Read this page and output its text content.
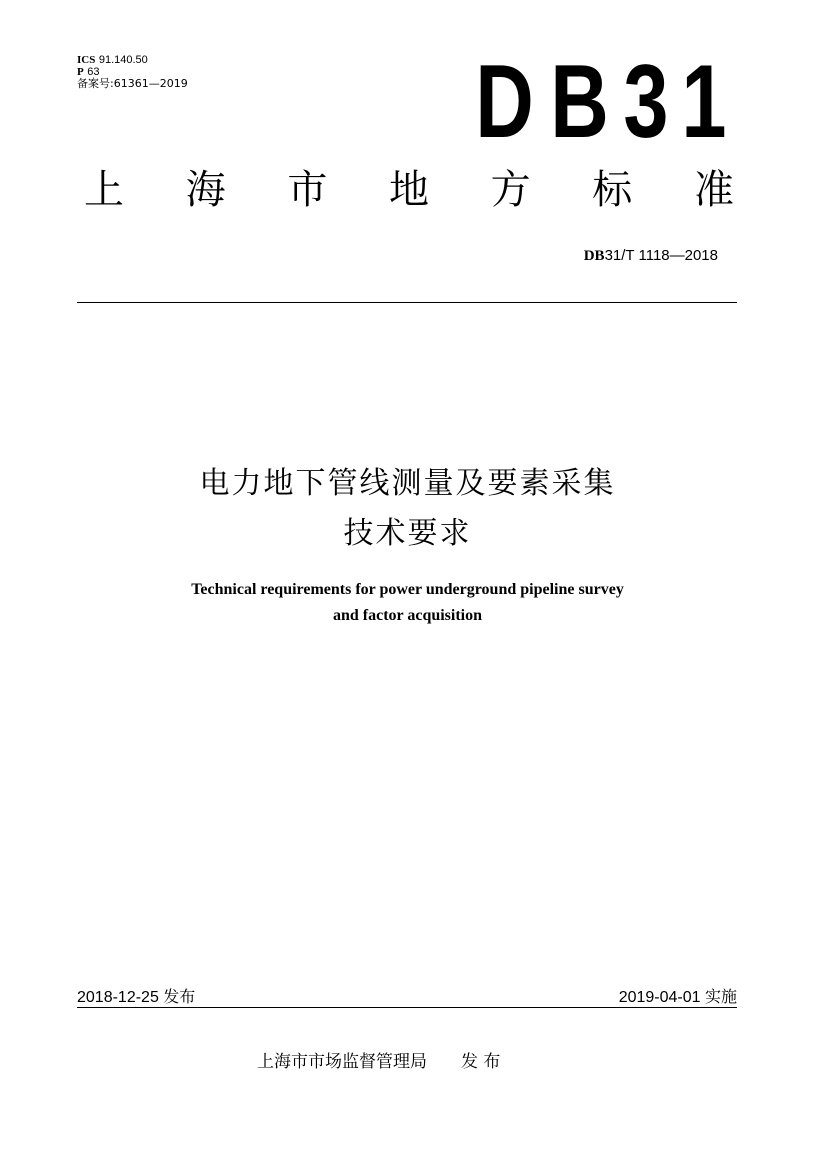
ICS 91.140.50
P 63
备案号:61361—2019	D B 3 1
上 海 市 地 方 标 准
DB31/T 1118—2018
电力地下管线测量及要素采集
技术要求
Technical requirements for power underground pipeline survey
and factor acquisition
2018-12-25 发布	2019-04-01 实施
上海市市场监督管理局 发 布
